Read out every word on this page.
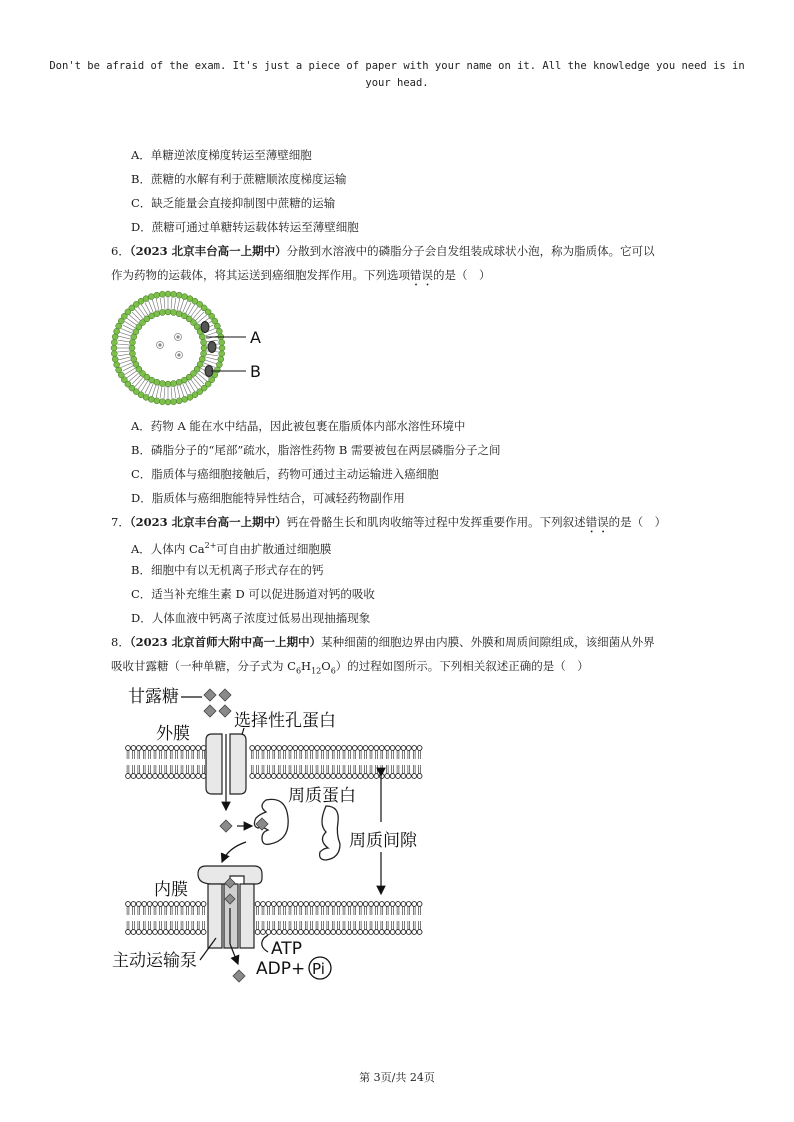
Don't be afraid of the exam. It's just a piece of paper with your name on it. All the knowledge you need is in your head.
A．单糖逆浓度梯度转运至薄壁细胞
B．蔗糖的水解有利于蔗糖顺浓度梯度运输
C．缺乏能量会直接抑制图中蔗糖的运输
D．蔗糖可通过单糖转运载体转运至薄壁细胞
6．（2023 北京丰台高一上期中）分散到水溶液中的磷脂分子会自发组装成球状小泡，称为脂质体。它可以
作为药物的运载体，将其运送到癌细胞发挥作用。下列选项错误的是（　）
A
B
A．药物 A 能在水中结晶，因此被包裹在脂质体内部水溶性环境中
B．磷脂分子的“尾部”疏水，脂溶性药物 B 需要被包在两层磷脂分子之间
C．脂质体与癌细胞接触后，药物可通过主动运输进入癌细胞
D．脂质体与癌细胞能特异性结合，可减轻药物副作用
7．（2023 北京丰台高一上期中）钙在骨骼生长和肌肉收缩等过程中发挥重要作用。下列叙述错误的是（　）
A．人体内 $Ca^{2+}$可自由扩散通过细胞膜
B．细胞中有以无机离子形式存在的钙
C．适当补充维生素 D 可以促进肠道对钙的吸收
D．人体血液中钙离子浓度过低易出现抽搐现象
8．（2023 北京首师大附中高一上期中）某种细菌的细胞边界由内膜、外膜和周质间隙组成，该细菌从外界
吸收甘露糖（一种单糖，分子式为 $C_6H_{12}O_6$）的过程如图所示。下列相关叙述正确的是（　）
甘露糖
外膜
选择性孔蛋白
周质蛋白
周质间隙
内膜
ATP
ADP+ Pi
主动运输泵
第 3页/共 24页
